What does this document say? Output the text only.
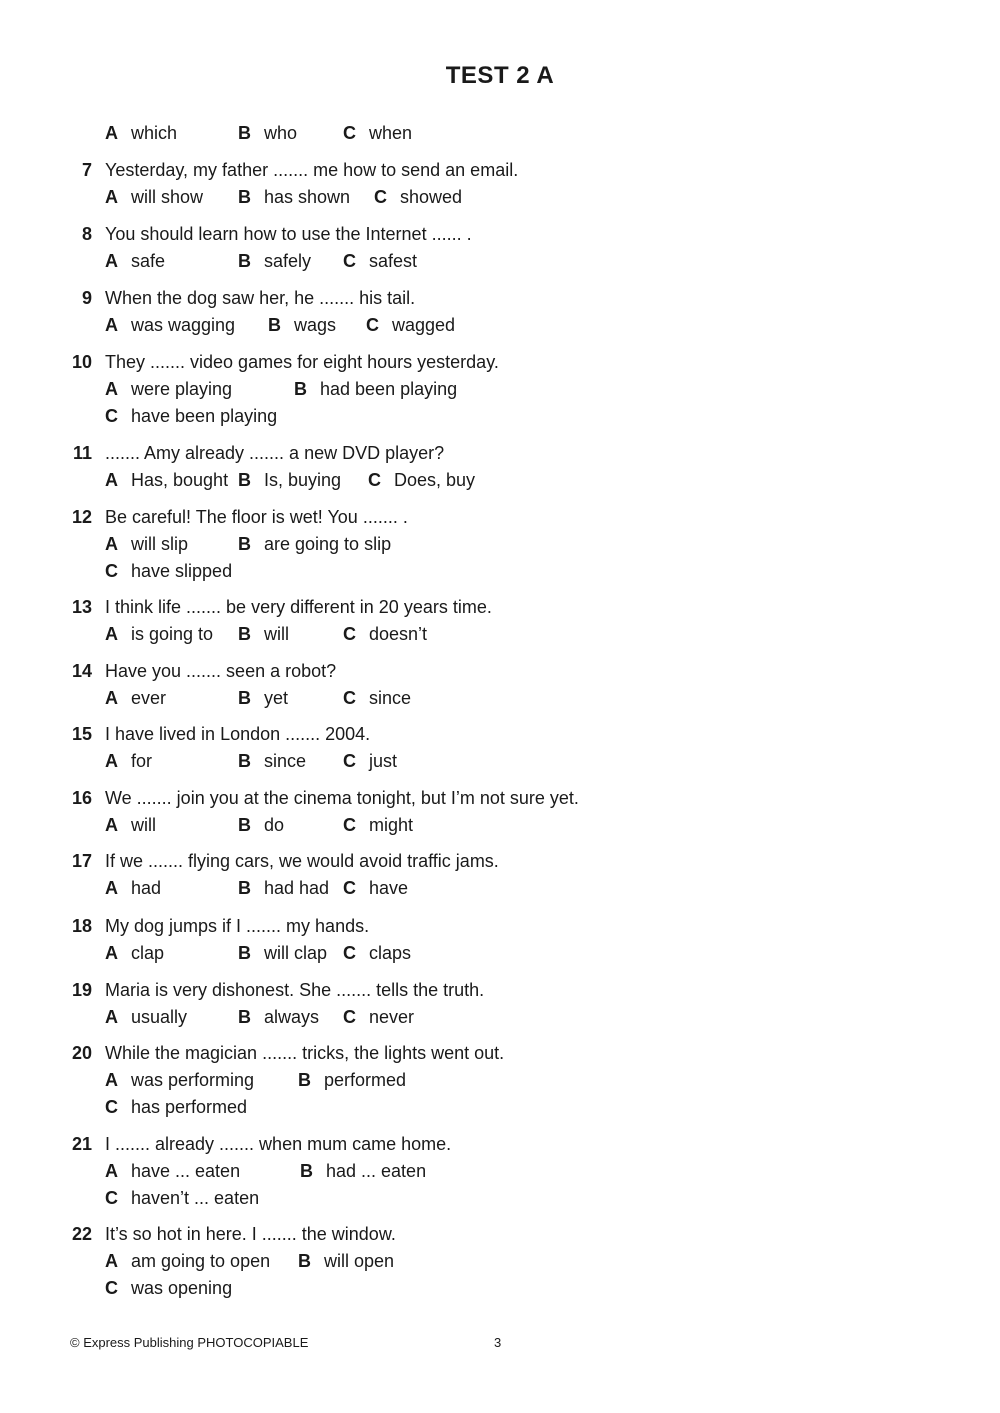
TEST 2 A
A which	B who	C when
7 Yesterday, my father ....... me how to send an email.
A will show B has shown C showed
8 You should learn how to use the Internet ...... .
A safe	B safely C safest
9 When the dog saw her, he ....... his tail.
A was wagging B wags C wagged
10 They ....... video games for eight hours yesterday.
A were playing	B had been playing
C have been playing
11 ....... Amy already ....... a new DVD player?
A Has, bought B Is, buying C Does, buy
12 Be careful! The floor is wet! You ....... .
A will slip	B are going to slip
C have slipped
13 I think life ....... be very different in 20 years time.
A is going to B will	C doesn’t
14 Have you ....... seen a robot?
A ever	B yet	C since
15 I have lived in London ....... 2004.
A for	B since C just
16 We ....... join you at the cinema tonight, but I’m not sure yet.
A will	B do	C might
17 If we ....... flying cars, we would avoid traffic jams.
A had	B had had C have
18 My dog jumps if I ....... my hands.
A clap	B will clap C claps
19 Maria is very dishonest. She ....... tells the truth.
A usually	B always C never
20 While the magician ....... tricks, the lights went out.
A was performing B performed
C has performed
21 I ....... already ....... when mum came home.
A have ... eaten	B had ... eaten
C haven’t ... eaten
22 It’s so hot in here. I ....... the window.
A am going to open B will open
C was opening
© Express Publishing PHOTOCOPIABLE	3
